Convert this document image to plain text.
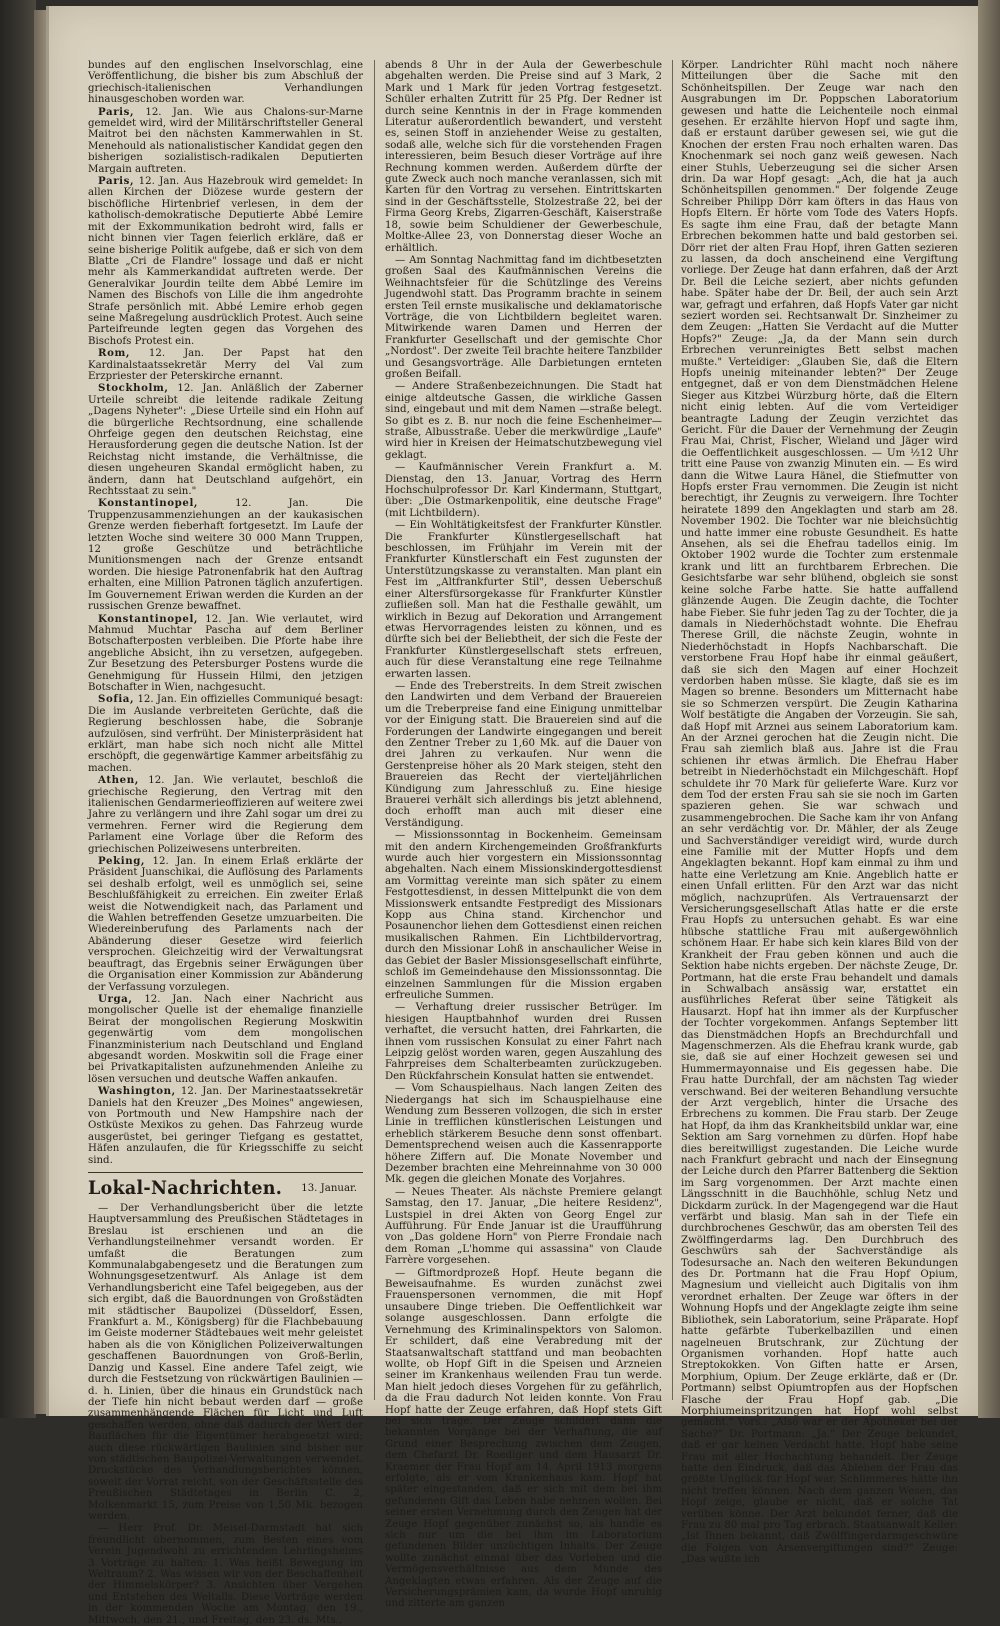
bundes auf den englischen Inselvorschlag, eine Veröffentlichung, die bisher bis zum Abschluß der griechisch-italienischen Verhandlungen hinausgeschoben worden war.

Paris, 12. Jan. Wie aus Chalons-sur-Marne gemeldet wird, wird der Militärschriftsteller General Maitrot bei den nächsten Kammerwahlen in St. Menehould als nationalistischer Kandidat gegen den bisherigen sozialistisch-radikalen Deputierten Margain auftreten.

Paris, 12. Jan. Aus Hazebrouk wird gemeldet: In allen Kirchen der Diözese wurde gestern der bischöfliche Hirtenbrief verlesen, in dem der katholisch-demokratische Deputierte Abbé Lemire mit der Exkommunikation bedroht wird, falls er nicht binnen vier Tagen feierlich erkläre, daß er seine bisherige Politik aufgebe, daß er sich von dem Blatte „Cri de Flandre" lossage und daß er nicht mehr als Kammerkandidat auftreten werde. Der Generalvikar Jourdin teilte dem Abbé Lemire im Namen des Bischofs von Lille die ihm angedrohte Strafe persönlich mit. Abbé Lemire erhob gegen seine Maßregelung ausdrücklich Protest. Auch seine Parteifreunde legten gegen das Vorgehen des Bischofs Protest ein.

Rom, 12. Jan. Der Papst hat den Kardinalstaatssekretär Merry del Val zum Erzpriester der Peterskirche ernannt.

Stockholm, 12. Jan. Anläßlich der Zaberner Urteile schreibt die leitende radikale Zeitung „Dagens Nyheter": „Diese Urteile sind ein Hohn auf die bürgerliche Rechtsordnung, eine schallende Ohrfeige gegen den deutschen Reichstag, eine Herausforderung gegen die deutsche Nation. Ist der Reichstag nicht imstande, die Verhältnisse, die diesen ungeheuren Skandal ermöglicht haben, zu ändern, dann hat Deutschland aufgehört, ein Rechtsstaat zu sein."

Konstantinopel, 12. Jan. Die Truppenzusammenziehungen an der kaukasischen Grenze werden fieberhaft fortgesetzt. Im Laufe der letzten Woche sind weitere 30 000 Mann Truppen, 12 große Geschütze und beträchtliche Munitionsmengen nach der Grenze entsandt worden. Die hiesige Patronenfabrik hat den Auftrag erhalten, eine Million Patronen täglich anzufertigen. Im Gouvernement Eriwan werden die Kurden an der russischen Grenze bewaffnet.

Konstantinopel, 12. Jan. Wie verlautet, wird Mahmud Muchtar Pascha auf dem Berliner Botschafterposten verbleiben. Die Pforte habe ihre angebliche Absicht, ihn zu versetzen, aufgegeben. Zur Besetzung des Petersburger Postens wurde die Genehmigung für Hussein Hilmi, den jetzigen Botschafter in Wien, nachgesucht.

Sofia, 12. Jan. Ein offizielles Communiqué besagt: Die im Auslande verbreiteten Gerüchte, daß die Regierung beschlossen habe, die Sobranje aufzulösen, sind verfrüht. Der Ministerpräsident hat erklärt, man habe sich noch nicht alle Mittel erschöpft, die gegenwärtige Kammer arbeitsfähig zu machen.

Athen, 12. Jan. Wie verlautet, beschloß die griechische Regierung, den Vertrag mit den italienischen Gendarmerieoffizieren auf weitere zwei Jahre zu verlängern und ihre Zahl sogar um drei zu vermehren. Ferner wird die Regierung dem Parlament eine Vorlage über die Reform des griechischen Polizeiwesens unterbreiten.

Peking, 12. Jan. In einem Erlaß erklärte der Präsident Juanschikai, die Auflösung des Parlaments sei deshalb erfolgt, weil es unmöglich sei, seine Beschlußfähigkeit zu erreichen. Ein zweiter Erlaß weist die Notwendigkeit nach, das Parlament und die Wahlen betreffenden Gesetze umzuarbeiten. Die Wiedereinberufung des Parlaments nach der Abänderung dieser Gesetze wird feierlich versprochen. Gleichzeitig wird der Verwaltungsrat beauftragt, das Ergebnis seiner Erwägungen über die Organisation einer Kommission zur Abänderung der Verfassung vorzulegen.

Urga, 12. Jan. Nach einer Nachricht aus mongolischer Quelle ist der ehemalige finanzielle Beirat der mongolischen Regierung Moskwitin gegenwärtig vom dem mongolischen Finanzministerium nach Deutschland und England abgesandt worden. Moskwitin soll die Frage einer bei Privatkapitalisten aufzunehmenden Anleihe zu lösen versuchen und deutsche Waffen ankaufen.

Washington, 12. Jan. Der Marinestaatssekretär Daniels hat den Kreuzer „Des Moines" angewiesen, von Portmouth und New Hampshire nach der Ostküste Mexikos zu gehen. Das Fahrzeug wurde ausgerüstet, bei geringer Tiefgang es gestattet, Häfen anzulaufen, die für Kriegsschiffe zu seicht sind.

Lokal-Nachrichten. 13. Januar.

— Der Verhandlungsbericht über die letzte Hauptversammlung des Preußischen Städtetages in Breslau ist erschienen und an die Verhandlungsteilnehmer versandt worden. Er umfaßt die Beratungen zum Kommunalabgabengesetz und die Beratungen zum Wohnungsgesetzentwurf. Als Anlage ist dem Verhandlungsbericht eine Tafel beigegeben, aus der sich ergibt, daß die Bauordnungen von Großstädten mit städtischer Baupolizei (Düsseldorf, Essen, Frankfurt a. M., Königsberg) für die Flachbebauung im Geiste moderner Städtebaues weit mehr geleistet haben als die von Königlichen Polizeiverwaltungen geschaffenen Bauordnungen von Groß-Berlin, Danzig und Kassel. Eine andere Tafel zeigt, wie durch die Festsetzung von rückwärtigen Baulinien — d. h. Linien, über die hinaus ein Grundstück nach der Tiefe hin nicht bebaut werden darf — große zusammenhängende Flächen für Licht und Luft geschaffen werden, ohne daß dadurch der Wert der Bauflächen für die Eigentümer herabgesetzt wird; auch diese rückwärtigen Baulinien sind bisher nur von städtischen Baupolizei-Verwaltungen verwendet. Druckstücke des Verhandlungsberichtes können, soweit der Vorrat reicht, von der Geschäftsstelle des Preußischen Städtetages in Berlin C. 2, Molkenmarkt 15, zum Preise von 1,50 Mk. bezogen werden.

— Herr Prof. Dr. Meisel-Darmstadt hat sich freundlicht übernommen, zum Besten eines vom Verein Jugendwohl zu errichtenden Lehrlingsheims 3 Vorträge zu halten: 1. Was heißt Bewegung im Weltraum? 2. Was wissen wir von der Beschaffenheit der Himmelskörper? 3. Ansichten über Vergehen und Entstehen des Weltalls. Diese Vorträge werden in der kommenden Woche am Montag, den 19., Mittwoch, den 21., und Freitag, den 23. ds. Mts.,

abends 8 Uhr in der Aula der Gewerbeschule abgehalten werden. Die Preise sind auf 3 Mark, 2 Mark und 1 Mark für jeden Vortrag festgesetzt. Schüler erhalten Zutritt für 25 Pfg. Der Redner ist durch seine Kenntnis in der in Frage kommenden Literatur außerordentlich bewandert, und versteht es, seinen Stoff in anziehender Weise zu gestalten, sodaß alle, welche sich für die vorstehenden Fragen interessieren, beim Besuch dieser Vorträge auf ihre Rechnung kommen werden. Außerdem dürfte der gute Zweck auch noch manche veranlassen, sich mit Karten für den Vortrag zu versehen. Eintrittskarten sind in der Geschäftsstelle, Stolzestraße 22, bei der Firma Georg Krebs, Zigarren-Geschäft, Kaiserstraße 18, sowie beim Schuldiener der Gewerbeschule, Moltke-Allee 23, von Donnerstag dieser Woche an erhältlich.

— Am Sonntag Nachmittag fand im dichtbesetzten großen Saal des Kaufmännischen Vereins die Weihnachtsfeier für die Schützlinge des Vereins Jugendwohl statt. Das Programm brachte in seinem ersten Teil ernste musikalische und deklamatorische Vorträge, die von Lichtbildern begleitet waren. Mitwirkende waren Damen und Herren der Frankfurter Gesellschaft und der gemischte Chor „Nordost". Der zweite Teil brachte heitere Tanzbilder und Gesangsvorträge. Alle Darbietungen ernteten großen Beifall.

— Andere Straßenbezeichnungen. Die Stadt hat einige altdeutsche Gassen, die wirkliche Gassen sind, eingebaut und mit dem Namen —straße belegt. So gibt es z. B. nur noch die feine Eschenheimer—straße, Albusstraße. Ueber die merkwürdige „Laufe" wird hier in Kreisen der Heimatschutzbewegung viel geklagt.

— Kaufmännischer Verein Frankfurt a. M. Dienstag, den 13. Januar, Vortrag des Herrn Hochschulprofessor Dr. Karl Kindermann, Stuttgart, über: „Die Ostmarkenpolitik, eine deutsche Frage" (mit Lichtbildern).

— Ein Wohltätigkeitsfest der Frankfurter Künstler. Die Frankfurter Künstlergesellschaft hat beschlossen, im Frühjahr im Verein mit der Frankfurter Künstlerschaft ein Fest zugunsten der Unterstützungskasse zu veranstalten. Man plant ein Fest im „Altfrankfurter Stil", dessen Ueberschuß einer Altersfürsorgekasse für Frankfurter Künstler zufließen soll. Man hat die Festhalle gewählt, um wirklich in Bezug auf Dekoration und Arrangement etwas Hervorragendes leisten zu können, und es dürfte sich bei der Beliebtheit, der sich die Feste der Frankfurter Künstlergesellschaft stets erfreuen, auch für diese Veranstaltung eine rege Teilnahme erwarten lassen.

— Ende des Treberstreits. In dem Streit zwischen den Landwirten und dem Verband der Brauereien um die Treberpreise fand eine Einigung unmittelbar vor der Einigung statt. Die Brauereien sind auf die Forderungen der Landwirte eingegangen und bereit den Zentner Treber zu 1,60 Mk. auf die Dauer von drei Jahren zu verkaufen. Nur wenn die Gerstenpreise höher als 20 Mark steigen, steht den Brauereien das Recht der vierteljährlichen Kündigung zum Jahresschluß zu. Eine hiesige Brauerei verhält sich allerdings bis jetzt ablehnend, doch erhofft man auch mit dieser eine Verständigung.

— Missionssonntag in Bockenheim. Gemeinsam mit den andern Kirchengemeinden Großfrankfurts wurde auch hier vorgestern ein Missionssonntag abgehalten. Nach einem Missionskindergottesdienst am Vormittag vereinte man sich später zu einem Festgottesdienst, in dessen Mittelpunkt die von dem Missionswerk entsandte Festpredigt des Missionars Kopp aus China stand. Kirchenchor und Posaunenchor liehen dem Gottesdienst einen reichen musikalischen Rahmen. Ein Lichtbildervortrag, durch den Missionar Lohß in anschaulicher Weise in das Gebiet der Basler Missionsgesellschaft einführte, schloß im Gemeindehause den Missionssonntag. Die einzelnen Sammlungen für die Mission ergaben erfreuliche Summen.

— Verhaftung dreier russischer Betrüger. Im hiesigen Hauptbahnhof wurden drei Russen verhaftet, die versucht hatten, drei Fahrkarten, die ihnen vom russischen Konsulat zu einer Fahrt nach Leipzig gelöst worden waren, gegen Auszahlung des Fahrpreises dem Schalterbeamten zurückzugeben. Den Rückfahrschein Konsulat hatten sie entwendet.

— Vom Schauspielhaus. Nach langen Zeiten des Niedergangs hat sich im Schauspielhause eine Wendung zum Besseren vollzogen, die sich in erster Linie in trefflichen künstlerischen Leistungen und erheblich stärkerem Besuche denn sonst offenbart. Dementsprechend weisen auch die Kassenrapporte höhere Ziffern auf. Die Monate November und Dezember brachten eine Mehreinnahme von 30 000 Mk. gegen die gleichen Monate des Vorjahres.

— Neues Theater. Als nächste Premiere gelangt Samstag, den 17. Januar, „Die heitere Residenz", Lustspiel in drei Akten von Georg Engel zur Aufführung. Für Ende Januar ist die Uraufführung von „Das goldene Horn" von Pierre Frondaie nach dem Roman „L'homme qui assassina" von Claude Farrère vorgesehen.

— Giftmordprozeß Hopf. Heute begann die Beweisaufnahme. Es wurden zunächst zwei Frauenspersonen vernommen, die mit Hopf unsaubere Dinge trieben. Die Oeffentlichkeit war solange ausgeschlossen. Dann erfolgte die Vernehmung des Kriminalinspektors von Salomon. Er schildert, daß eine Verabredung mit der Staatsanwaltschaft stattfand und man beobachten wollte, ob Hopf Gift in die Speisen und Arzneien seiner im Krankenhaus weilenden Frau tun werde. Man hielt jedoch dieses Vorgehen für zu gefährlich, da die Frau dadurch Not leiden konnte. Von Frau Hopf hatte der Zeuge erfahren, daß Hopf stets Gift bei sich trage. Der Zeuge schildert dann die bekannten Vorgänge bei der Verhaftung, die auf Grund einer Besprechung zwischen dem Zeugen, dem Chefarzt Dr. Roediger und dem Hausarzt Dr. Kraemer der Frau Hopf am 14. April 1913 morgens erfolgte, als er vom Krankenhaus kam. Hopf hat später eingestanden, daß er sich mit dem bei ihm gefundenen Gift das Leben habe nehmen wollen. Bei seiner ersten Vernehmung durch den Zeugen hat der Zeuge Hopf gegenüber zunächst so, als handle es sich nur um die bei ihm im Laboratorium gefundenen Bilder unzüchtigen Inhalts. Der Zeuge wollte zunächst einmal über das Vorleben und die Vermögensverhältnisse aus dem Munde des Angeklagten etwas erfahren. Als der Zeuge auf die Versicherungsprämien kam, da wurde Hopf unruhig und zitterte am ganzen

Körper. Landrichter Rühl macht noch nähere Mitteilungen über die Sache mit den Schönheitspillen. Der Zeuge war nach den Ausgrabungen im Dr. Poppschen Laboratorium gewesen und hatte die Leichenteile noch einmal gesehen. Er erzählte hiervon Hopf und sagte ihm, daß er erstaunt darüber gewesen sei, wie gut die Knochen der ersten Frau noch erhalten waren. Das Knochenmark sei noch ganz weiß gewesen. Nach einer Stuhls, Ueberzeugung sei die sicher Arsen drin. Da war Hopf gesagt: „Ach, die hat ja auch Schönheitspillen genommen." Der folgende Zeuge Schreiber Philipp Dörr kam öfters in das Haus von Hopfs Eltern. Er hörte vom Tode des Vaters Hopfs. Es sagte ihm eine Frau, daß der betagte Mann Erbrechen bekommen hatte und bald gestorben sei. Dörr riet der alten Frau Hopf, ihren Gatten sezieren zu lassen, da doch anscheinend eine Vergiftung vorliege. Der Zeuge hat dann erfahren, daß der Arzt Dr. Beil die Leiche seziert, aber nichts gefunden habe. Später habe der Dr. Beil, der auch sein Arzt war, gefragt und erfahren, daß Hopfs Vater gar nicht seziert worden sei. Rechtsanwalt Dr. Sinzheimer zu dem Zeugen: „Hatten Sie Verdacht auf die Mutter Hopfs?" Zeuge: „Ja, da der Mann sein durch Erbrechen verunreinigtes Bett selbst machen mußte." Verteidiger: „Glauben Sie, daß die Eltern Hopfs uneinig miteinander lebten?" Der Zeuge entgegnet, daß er von dem Dienstmädchen Helene Sieger aus Kitzbei Würzburg hörte, daß die Eltern nicht einig lebten. Auf die vom Verteidiger beantragte Ladung der Zeugin verzichtet das Gericht. Für die Dauer der Vernehmung der Zeugin Frau Mai, Christ, Fischer, Wieland und Jäger wird die Oeffentlichkeit ausgeschlossen. — Um ½12 Uhr tritt eine Pause von zwanzig Minuten ein. — Es wird dann die Witwe Laura Hänel, die Stiefmutter von Hopfs erster Frau vernommen. Die Zeugin ist nicht berechtigt, ihr Zeugnis zu verweigern. Ihre Tochter heiratete 1899 den Angeklagten und starb am 28. November 1902. Die Tochter war nie bleichsüchtig und hatte immer eine robuste Gesundheit. Es hatte Ansehen, als sei die Ehefrau tadellos einig. Im Oktober 1902 wurde die Tochter zum erstenmale krank und litt an furchtbarem Erbrechen. Die Gesichtsfarbe war sehr blühend, obgleich sie sonst keine solche Farbe hatte. Sie hatte auffallend glänzende Augen. Die Zeugin dachte, die Tochter habe Fieber. Sie fuhr jeden Tag zu der Tochter, die ja damals in Niederhöchstadt wohnte. Die Ehefrau Therese Grill, die nächste Zeugin, wohnte in Niederhöchstadt in Hopfs Nachbarschaft. Die verstorbene Frau Hopf habe ihr einmal geäußert, daß sie sich den Magen auf einer Hochzeit verdorben haben müsse. Sie klagte, daß sie es im Magen so brenne. Besonders um Mitternacht habe sie so Schmerzen verspürt. Die Zeugin Katharina Wolf bestätigte die Angaben der Vorzeugin. Sie sah, daß Hopf mit Arznei aus seinem Laboratorium kam. An der Arznei gerochen hat die Zeugin nicht. Die Frau sah ziemlich blaß aus. Jahre ist die Frau schienen ihr etwas ärmlich. Die Ehefrau Haber betreibt in Niederhöchstadt ein Milchgeschäft. Hopf schuldete ihr 70 Mark für gelieferte Ware. Kurz vor dem Tod der ersten Frau sah sie sie noch im Garten spazieren gehen. Sie war schwach und zusammengebrochen. Die Sache kam ihr von Anfang an sehr verdächtig vor. Dr. Mähler, der als Zeuge und Sachverständiger vereidigt wird, wurde durch eine Familie mit der Mutter Hopfs und dem Angeklagten bekannt. Hopf kam einmal zu ihm und hatte eine Verletzung am Knie. Angeblich hatte er einen Unfall erlitten. Für den Arzt war das nicht möglich, nachzuprüfen. Als Vertrauensarzt der Versicherungsgesellschaft Atlas hatte er die erste Frau Hopfs zu untersuchen gehabt. Es war eine hübsche stattliche Frau mit außergewöhnlich schönem Haar. Er habe sich kein klares Bild von der Krankheit der Frau geben können und auch die Sektion habe nichts ergeben. Der nächste Zeuge, Dr. Portmann, hat die erste Frau behandelt und damals in Schwalbach ansässig war, erstattet ein ausführliches Referat über seine Tätigkeit als Hausarzt. Hopf hat ihn immer als der Kurpfuscher der Tochter vorgekommen. Anfangs September litt das Dienstmädchen Hopfs an Brechdurchfall und Magenschmerzen. Als die Ehefrau krank wurde, gab sie, daß sie auf einer Hochzeit gewesen sei und Hummermayonnaise und Eis gegessen habe. Die Frau hatte Durchfall, der am nächsten Tag wieder verschwand. Bei der weiteren Behandlung versuchte der Arzt vergeblich, hinter die Ursache des Erbrechens zu kommen. Die Frau starb. Der Zeuge hat Hopf, da ihm das Krankheitsbild unklar war, eine Sektion am Sarg vornehmen zu dürfen. Hopf habe dies bereitwilligst zugestanden. Die Leiche wurde nach Frankfurt gebracht und nach der Einsegnung der Leiche durch den Pfarrer Battenberg die Sektion im Sarg vorgenommen. Der Arzt machte einen Längsschnitt in die Bauchhöhle, schlug Netz und Dickdarm zurück. In der Magengegend war die Haut verfärbt und blasig. Man sah in der Tiefe ein durchbrochenes Geschwür, das am obersten Teil des Zwölffingerdarms lag. Den Durchbruch des Geschwürs sah der Sachverständige als Todesursache an. Nach den weiteren Bekundungen des Dr. Portmann hat die Frau Hopf Opium, Magnesium und vielleicht auch Digitalis von ihm verordnet erhalten. Der Zeuge war öfters in der Wohnung Hopfs und der Angeklagte zeigte ihm seine Bibliothek, sein Laboratorium, seine Präparate. Hopf hatte gefärbte Tuberkelbazillen und einen nagelneuen Brutschrank, zur Züchtung der Organismen vorhanden. Hopf hatte auch Streptokokken. Von Giften hatte er Arsen, Morphium, Opium. Der Zeuge erklärte, daß er (Dr. Portmann) selbst Opiumtropfen aus der Hopfschen Flasche der Frau Hopf gab. „Die Morphiumeinspritzungen hat Hopf wohl selbst gemacht." Vors.: „Also war er der Apotheker bei der Sache?" Dr. Portmann: „Ja." Der Zeuge bekundet, daß er gar keinen Verdacht hatte. Hopf habe seine Frau mit aller Hochachtung behandelt. Der Zeuge hatte den Eindruck, daß das Ableben der Frau das größte Unglück für Hopf war. Schlimmeres hätte ihn nicht treffen können. Nach dem ganzen Wesen, das Hopf zeige, glaube er nicht, daß er solche Tat verüben könne. Der Arzt bekundet ferner, daß die Frau zu 80 mal pro Tag erbrach. Staatsanwalt Keller: „Ist Ihnen bekannt, daß Zwölffingerdarmgeschwüre die Folgen von Arsenvergiftungen sind?" Zeuge: „Das wußte ich
